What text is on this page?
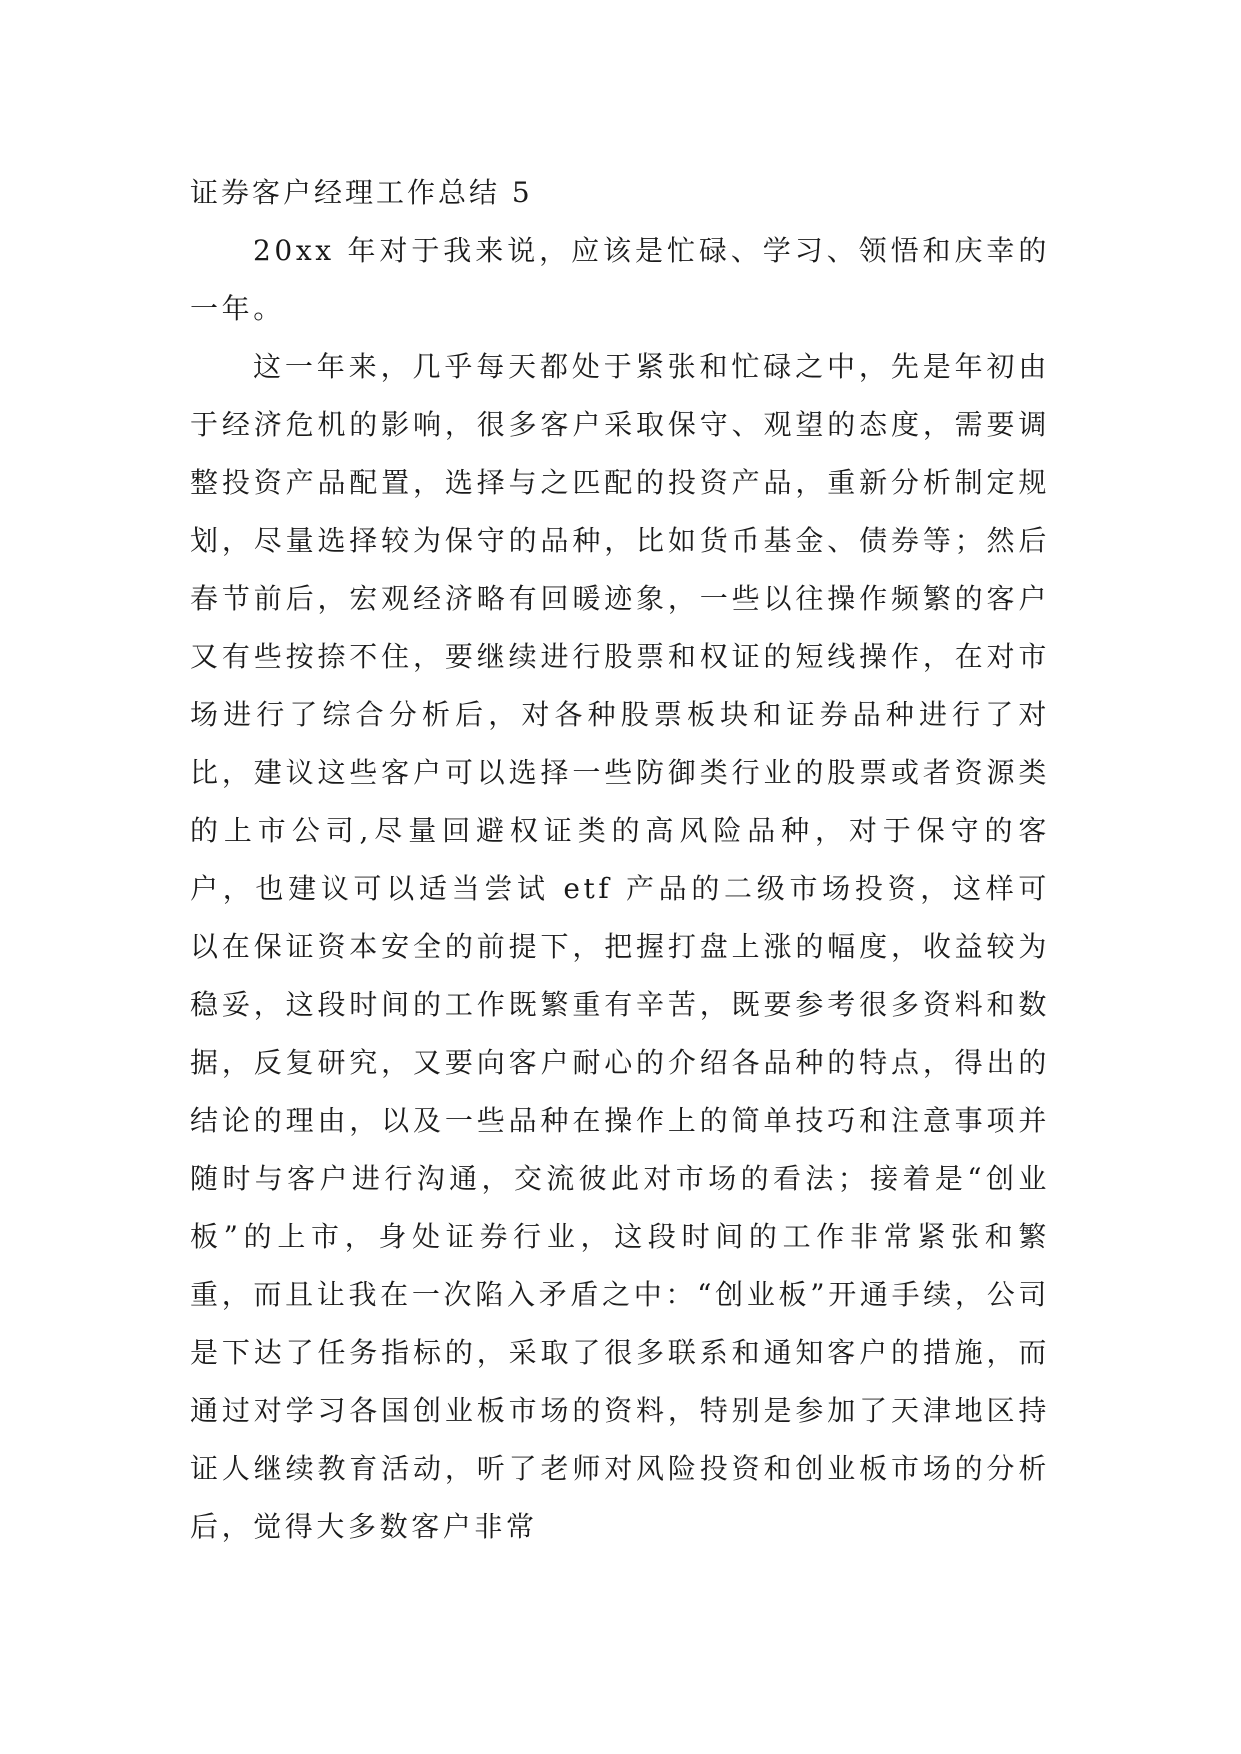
证券客户经理工作总结 5

20xx 年对于我来说，应该是忙碌、学习、领悟和庆幸的一年。

这一年来，几乎每天都处于紧张和忙碌之中，先是年初由于经济危机的影响，很多客户采取保守、观望的态度，需要调整投资产品配置，选择与之匹配的投资产品，重新分析制定规划，尽量选择较为保守的品种，比如货币基金、债券等；然后春节前后，宏观经济略有回暖迹象，一些以往操作频繁的客户又有些按捺不住，要继续进行股票和权证的短线操作，在对市场进行了综合分析后，对各种股票板块和证券品种进行了对比，建议这些客户可以选择一些防御类行业的股票或者资源类的上市公司,尽量回避权证类的高风险品种，对于保守的客户，也建议可以适当尝试 etf 产品的二级市场投资，这样可以在保证资本安全的前提下，把握打盘上涨的幅度，收益较为稳妥，这段时间的工作既繁重有辛苦，既要参考很多资料和数据，反复研究，又要向客户耐心的介绍各品种的特点，得出的结论的理由，以及一些品种在操作上的简单技巧和注意事项并随时与客户进行沟通，交流彼此对市场的看法；接着是“创业板”的上市，身处证券行业，这段时间的工作非常紧张和繁重，而且让我在一次陷入矛盾之中：“创业板”开通手续，公司是下达了任务指标的，采取了很多联系和通知客户的措施，而通过对学习各国创业板市场的资料，特别是参加了天津地区持证人继续教育活动，听了老师对风险投资和创业板市场的分析后，觉得大多数客户非常
